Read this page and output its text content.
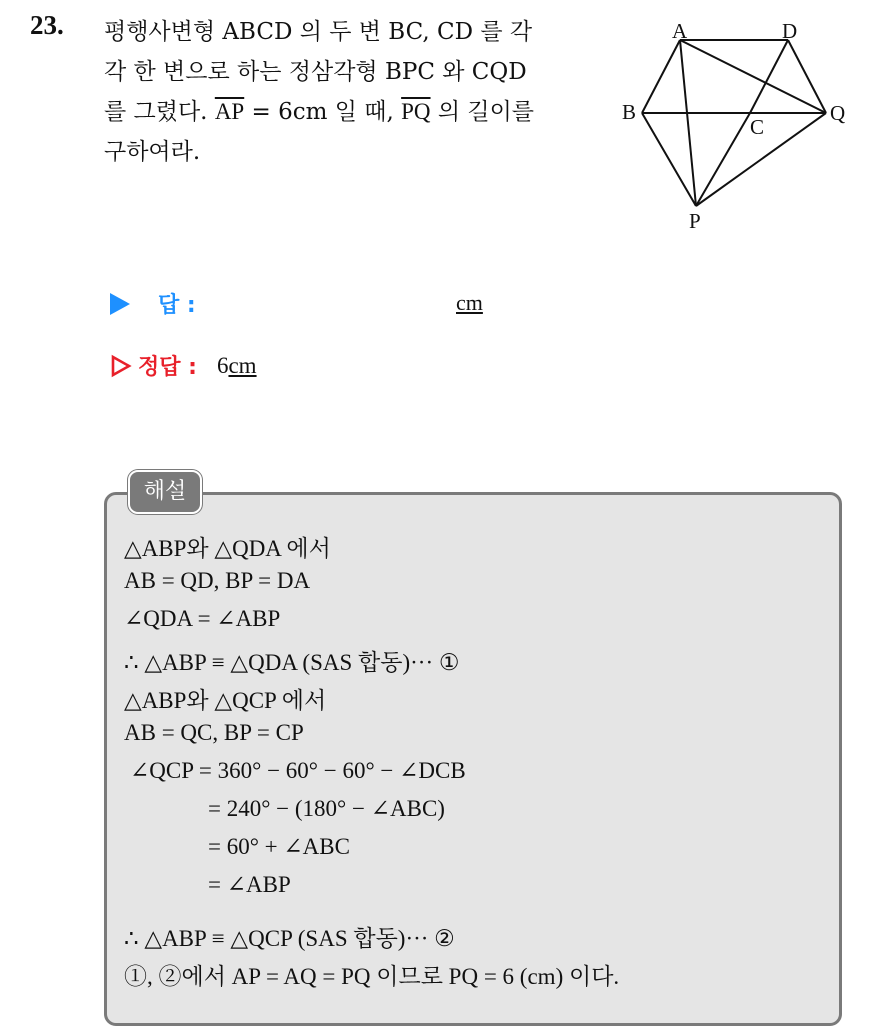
23. 평행사변형 ABCD 의 두 변 BC, CD 를 각
각 한 변으로 하는 정삼각형 BPC 와 CQD
를 그렸다. $\overline{AP} = 6cm$ 일 때, $\overline{PQ}$ 의 길이를
구하여라.
A	D
B
C
Q
P
답 :	cm
정답 : 6cm
해설
△ABP와 △QDA 에서
AB = QD, BP = DA
∠QDA = ∠ABP
∴ △ABP ≡ △QDA (SAS 합동)··· ①
△ABP와 △QCP 에서
AB = QC, BP = CP
∠QCP = 360° − 60° − 60° − ∠DCB
= 240° − (180° − ∠ABC)
= 60° + ∠ABC
= ∠ABP
∴ △ABP ≡ △QCP (SAS 합동)··· ②
①, ②에서 AP = AQ = PQ 이므로 PQ = 6 (cm) 이다.
